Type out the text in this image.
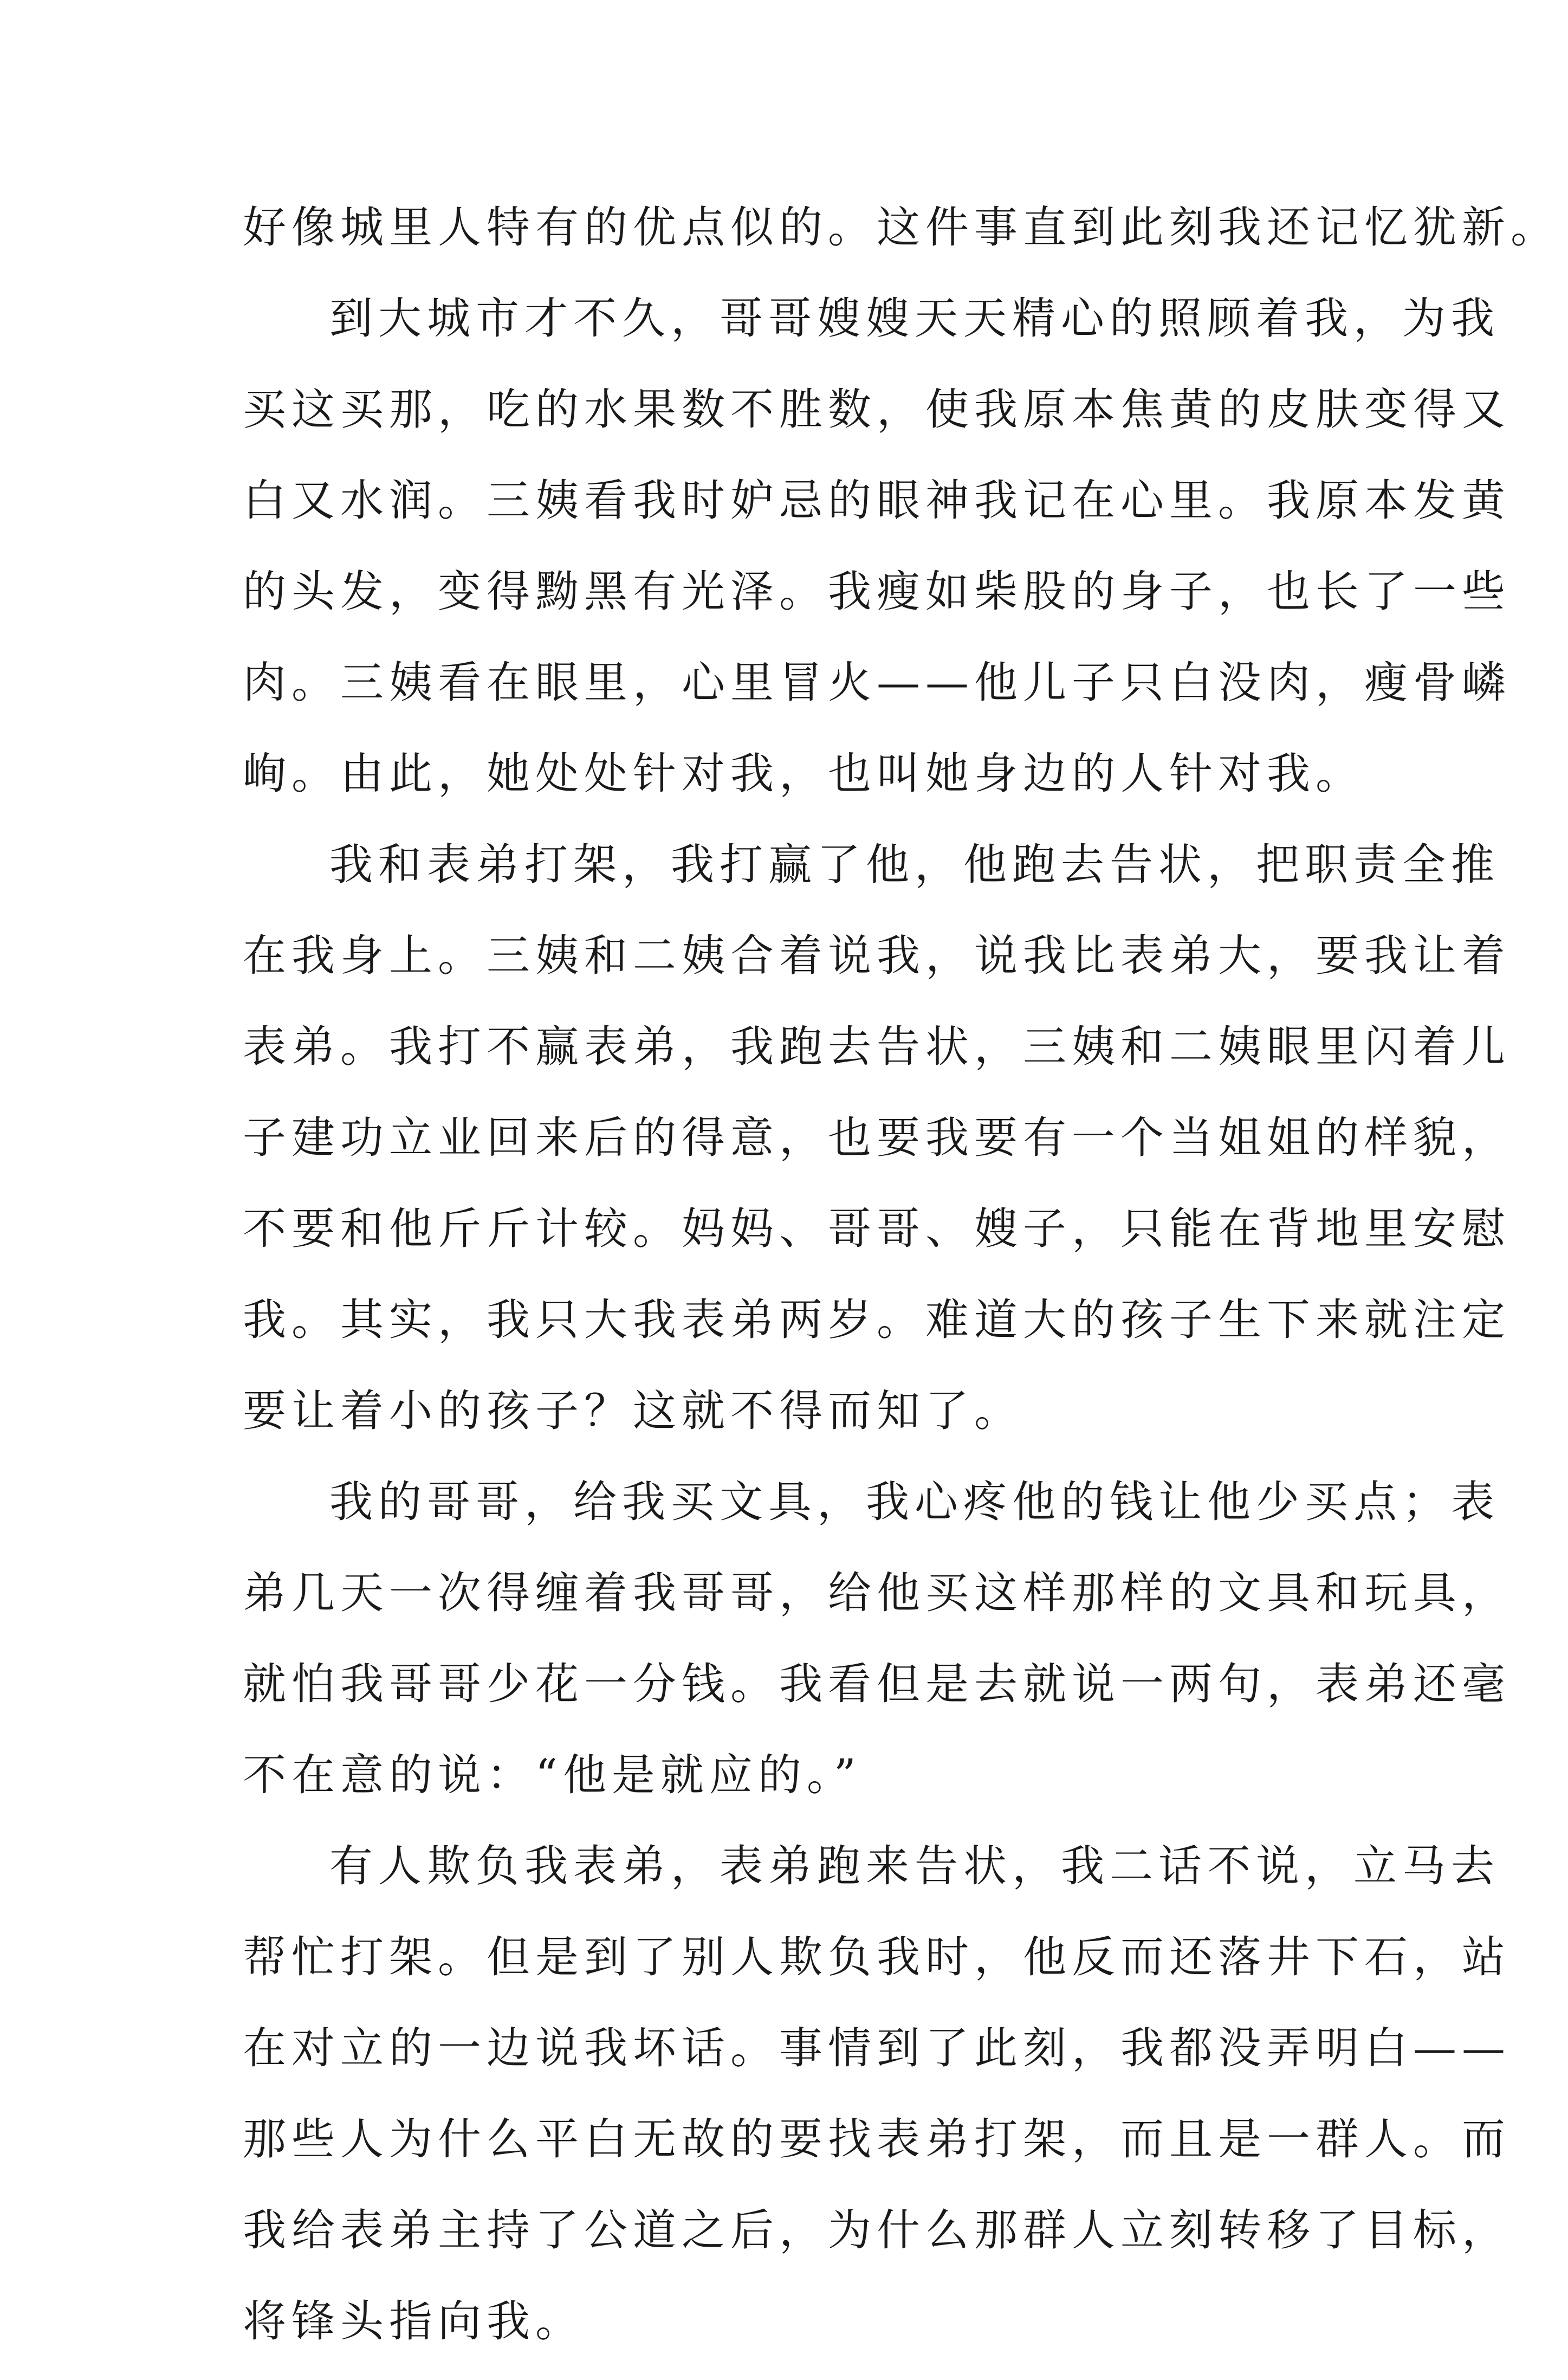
好像城里人特有的优点似的。这件事直到此刻我还记忆犹新。
到大城市才不久，哥哥嫂嫂天天精心的照顾着我，为我
买这买那，吃的水果数不胜数，使我原本焦黄的皮肤变得又
白又水润。三姨看我时妒忌的眼神我记在心里。我原本发黄
的头发，变得黝黑有光泽。我瘦如柴股的身子，也长了一些
肉。三姨看在眼里，心里冒火——他儿子只白没肉，瘦骨嶙
峋。由此，她处处针对我，也叫她身边的人针对我。
我和表弟打架，我打赢了他，他跑去告状，把职责全推
在我身上。三姨和二姨合着说我，说我比表弟大，要我让着
表弟。我打不赢表弟，我跑去告状，三姨和二姨眼里闪着儿
子建功立业回来后的得意，也要我要有一个当姐姐的样貌，
不要和他斤斤计较。妈妈、哥哥、嫂子，只能在背地里安慰
我。其实，我只大我表弟两岁。难道大的孩子生下来就注定
要让着小的孩子？这就不得而知了。
我的哥哥，给我买文具，我心疼他的钱让他少买点；表
弟几天一次得缠着我哥哥，给他买这样那样的文具和玩具，
就怕我哥哥少花一分钱。我看但是去就说一两句，表弟还毫
不在意的说：“他是就应的。”
有人欺负我表弟，表弟跑来告状，我二话不说，立马去
帮忙打架。但是到了别人欺负我时，他反而还落井下石，站
在对立的一边说我坏话。事情到了此刻，我都没弄明白——
那些人为什么平白无故的要找表弟打架，而且是一群人。而
我给表弟主持了公道之后，为什么那群人立刻转移了目标，
将锋头指向我。
